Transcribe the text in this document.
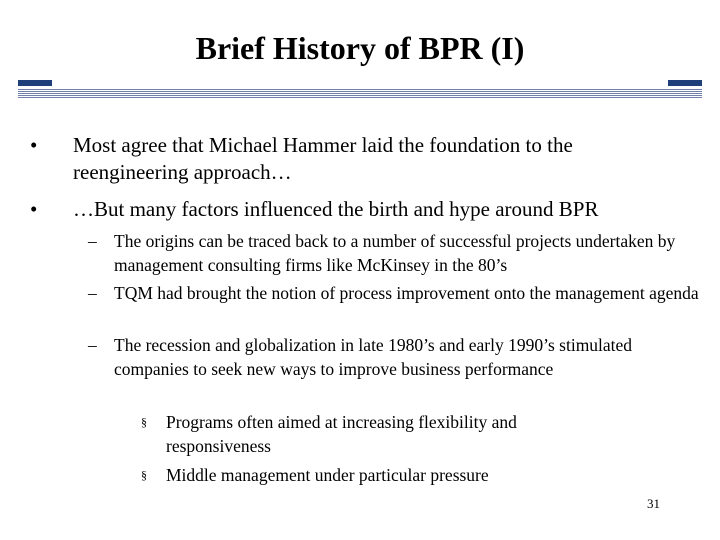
Brief History of BPR (I)
•	Most agree that Michael Hammer laid the foundation to the reengineering approach…
•	…But many factors influenced the birth and hype around BPR
– The origins can be traced back to a number of successful projects undertaken by management consulting firms like McKinsey in the 80’s
– TQM had brought the notion of process improvement onto the management agenda
– The recession and globalization in late 1980’s and early 1990’s stimulated companies to seek new ways to improve business performance
§ Programs often aimed at increasing flexibility and responsiveness
§ Middle management under particular pressure
31
